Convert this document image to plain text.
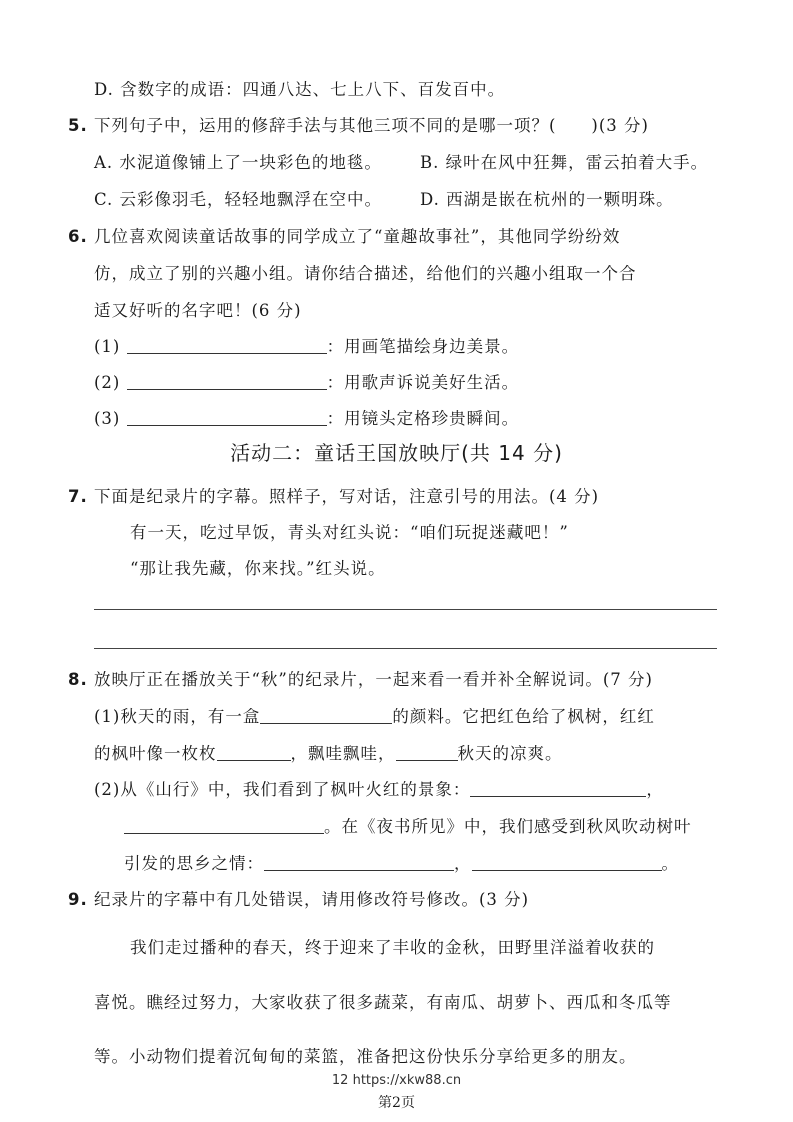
D. 含数字的成语：四通八达、七上八下、百发百中。
5. 下列句子中，运用的修辞手法与其他三项不同的是哪一项？(　　)(3 分)
A. 水泥道像铺上了一块彩色的地毯。 B. 绿叶在风中狂舞，雷云拍着大手。
C. 云彩像羽毛，轻轻地飘浮在空中。 D. 西湖是嵌在杭州的一颗明珠。
6. 几位喜欢阅读童话故事的同学成立了“童趣故事社”，其他同学纷纷效
仿，成立了别的兴趣小组。请你结合描述，给他们的兴趣小组取一个合
适又好听的名字吧！(6 分)
(1)	：用画笔描绘身边美景。
(2)	：用歌声诉说美好生活。
(3)	：用镜头定格珍贵瞬间。
活动二：童话王国放映厅(共 14 分)
7. 下面是纪录片的字幕。照样子，写对话，注意引号的用法。(4 分)
有一天，吃过早饭，青头对红头说：“咱们玩捉迷藏吧！”
“那让我先藏，你来找。”红头说。
8. 放映厅正在播放关于“秋”的纪录片，一起来看一看并补全解说词。(7 分)
(1)秋天的雨，有一盒	的颜料。它把红色给了枫树，红红
的枫叶像一枚枚	，飘哇飘哇，	秋天的凉爽。
(2)从《山行》中，我们看到了枫叶火红的景象：	，
。在《夜书所见》中，我们感受到秋风吹动树叶
引发的思乡之情：	，	。
9. 纪录片的字幕中有几处错误，请用修改符号修改。(3 分)
我们走过播种的春天，终于迎来了丰收的金秋，田野里洋溢着收获的
喜悦。瞧经过努力，大家收获了很多蔬菜，有南瓜、胡萝卜、西瓜和冬瓜等
等。小动物们提着沉甸甸的菜篮，准备把这份快乐分享给更多的朋友。
12 https://xkw88.cn
第2页
